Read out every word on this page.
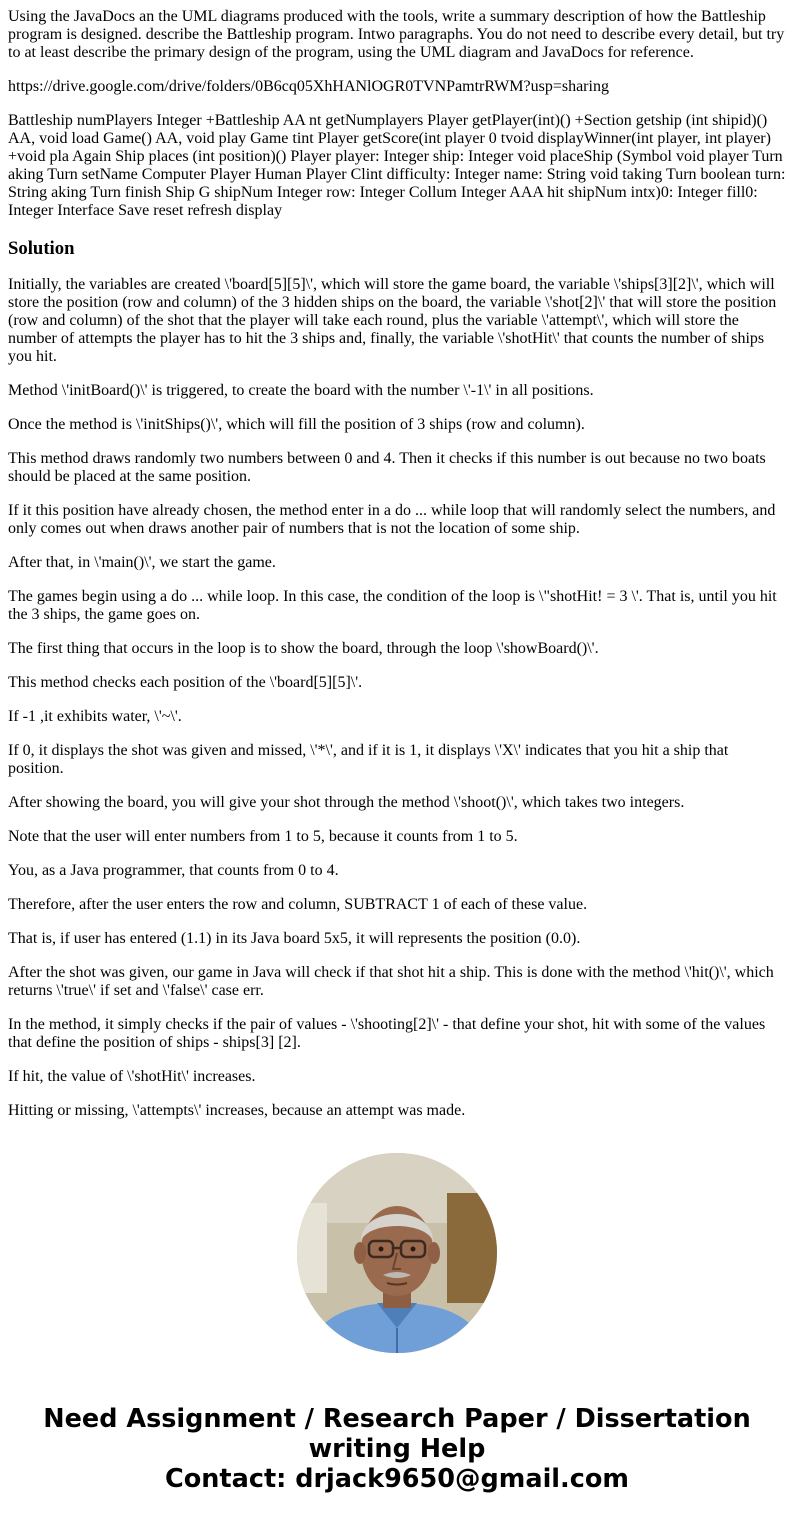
Using the JavaDocs an the UML diagrams produced with the tools, write a summary description of how the Battleship program is designed. describe the Battleship program. Intwo paragraphs. You do not need to describe every detail, but try to at least describe the primary design of the program, using the UML diagram and JavaDocs for reference.

https://drive.google.com/drive/folders/0B6cq05XhHANlOGR0TVNPamtrRWM?usp=sharing

Battleship numPlayers Integer +Battleship AA nt getNumplayers Player getPlayer(int)() +Section getship (int shipid)() AA, void load Game() AA, void play Game tint Player getScore(int player 0 tvoid displayWinner(int player, int player) +void pla Again Ship places (int position)() Player player: Integer ship: Integer void placeShip (Symbol void player Turn aking Turn setName Computer Player Human Player Clint difficulty: Integer name: String void taking Turn boolean turn: String aking Turn finish Ship G shipNum Integer row: Integer Collum Integer AAA hit shipNum intx)0: Integer fill0: Integer Interface Save reset refresh display

Solution

Initially, the variables are created \'board[5][5]\', which will store the game board, the variable \'ships[3][2]\', which will store the position (row and column) of the 3 hidden ships on the board, the variable \'shot[2]\' that will store the position (row and column) of the shot that the player will take each round, plus the variable \'attempt\', which will store the number of attempts the player has to hit the 3 ships and, finally, the variable \'shotHit\' that counts the number of ships you hit.

Method \'initBoard()\' is triggered, to create the board with the number \'-1\' in all positions.

Once the method is \'initShips()\', which will fill the position of 3 ships (row and column).

This method draws randomly two numbers between 0 and 4. Then it checks if this number is out because no two boats should be placed at the same position.

If it this position have already chosen, the method enter in a do ... while loop that will randomly select the numbers, and only comes out when draws another pair of numbers that is not the location of some ship.

After that, in \'main()\', we start the game.

The games begin using a do ... while loop. In this case, the condition of the loop is \"shotHit! = 3 \'. That is, until you hit the 3 ships, the game goes on.

The first thing that occurs in the loop is to show the board, through the loop \'showBoard()\'.

This method checks each position of the \'board[5][5]\'.

If -1 ,it exhibits water, \'~\'.

If 0, it displays the shot was given and missed, \'*\', and if it is 1, it displays \'X\' indicates that you hit a ship that position.

After showing the board, you will give your shot through the method \'shoot()\', which takes two integers.

Note that the user will enter numbers from 1 to 5, because it counts from 1 to 5.

You, as a Java programmer, that counts from 0 to 4.

Therefore, after the user enters the row and column, SUBTRACT 1 of each of these value.

That is, if user has entered (1.1) in its Java board 5x5, it will represents the position (0.0).

After the shot was given, our game in Java will check if that shot hit a ship. This is done with the method \'hit()\', which returns \'true\' if set and \'false\' case err.

In the method, it simply checks if the pair of values - \'shooting[2]\' - that define your shot, hit with some of the values that define the position of ships - ships[3] [2].

If hit, the value of \'shotHit\' increases.

Hitting or missing, \'attempts\' increases, because an attempt was made.

Need Assignment / Research Paper / Dissertation
writing Help
Contact: drjack9650@gmail.com
